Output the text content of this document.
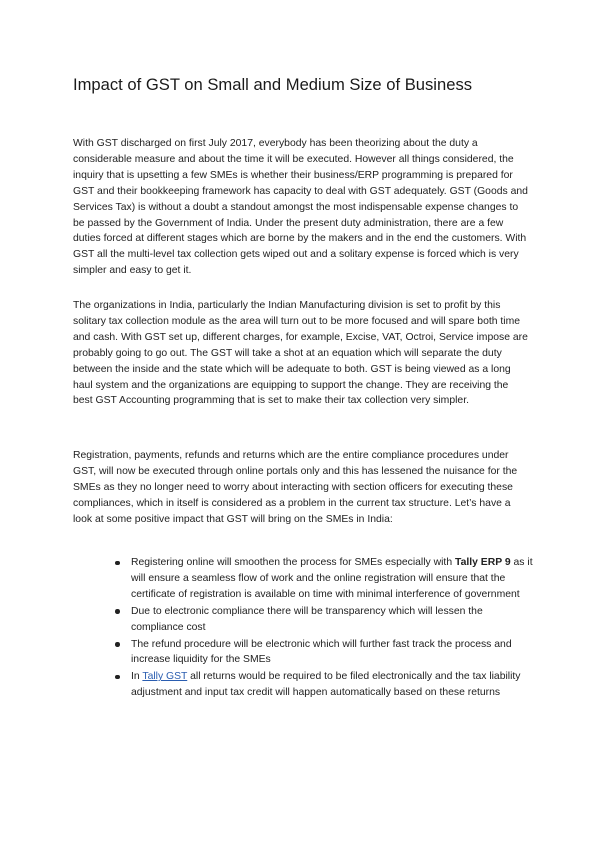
Impact of GST on Small and Medium Size of Business

With GST discharged on first July 2017, everybody has been theorizing about the duty a considerable measure and about the time it will be executed. However all things considered, the inquiry that is upsetting a few SMEs is whether their business/ERP programming is prepared for GST and their bookkeeping framework has capacity to deal with GST adequately. GST (Goods and Services Tax) is without a doubt a standout amongst the most indispensable expense changes to be passed by the Government of India. Under the present duty administration, there are a few duties forced at different stages which are borne by the makers and in the end the customers. With GST all the multi-level tax collection gets wiped out and a solitary expense is forced which is very simpler and easy to get it.

The organizations in India, particularly the Indian Manufacturing division is set to profit by this solitary tax collection module as the area will turn out to be more focused and will spare both time and cash. With GST set up, different charges, for example, Excise, VAT, Octroi, Service impose are probably going to go out. The GST will take a shot at an equation which will separate the duty between the inside and the state which will be adequate to both. GST is being viewed as a long haul system and the organizations are equipping to support the change. They are receiving the best GST Accounting programming that is set to make their tax collection very simpler.

Registration, payments, refunds and returns which are the entire compliance procedures under GST, will now be executed through online portals only and this has lessened the nuisance for the SMEs as they no longer need to worry about interacting with section officers for executing these compliances, which in itself is considered as a problem in the current tax structure. Let’s have a look at some positive impact that GST will bring on the SMEs in India:

Registering online will smoothen the process for SMEs especially with Tally ERP 9 as it will ensure a seamless flow of work and the online registration will ensure that the certificate of registration is available on time with minimal interference of government
Due to electronic compliance there will be transparency which will lessen the compliance cost
The refund procedure will be electronic which will further fast track the process and increase liquidity for the SMEs
In Tally GST all returns would be required to be filed electronically and the tax liability adjustment and input tax credit will happen automatically based on these returns
